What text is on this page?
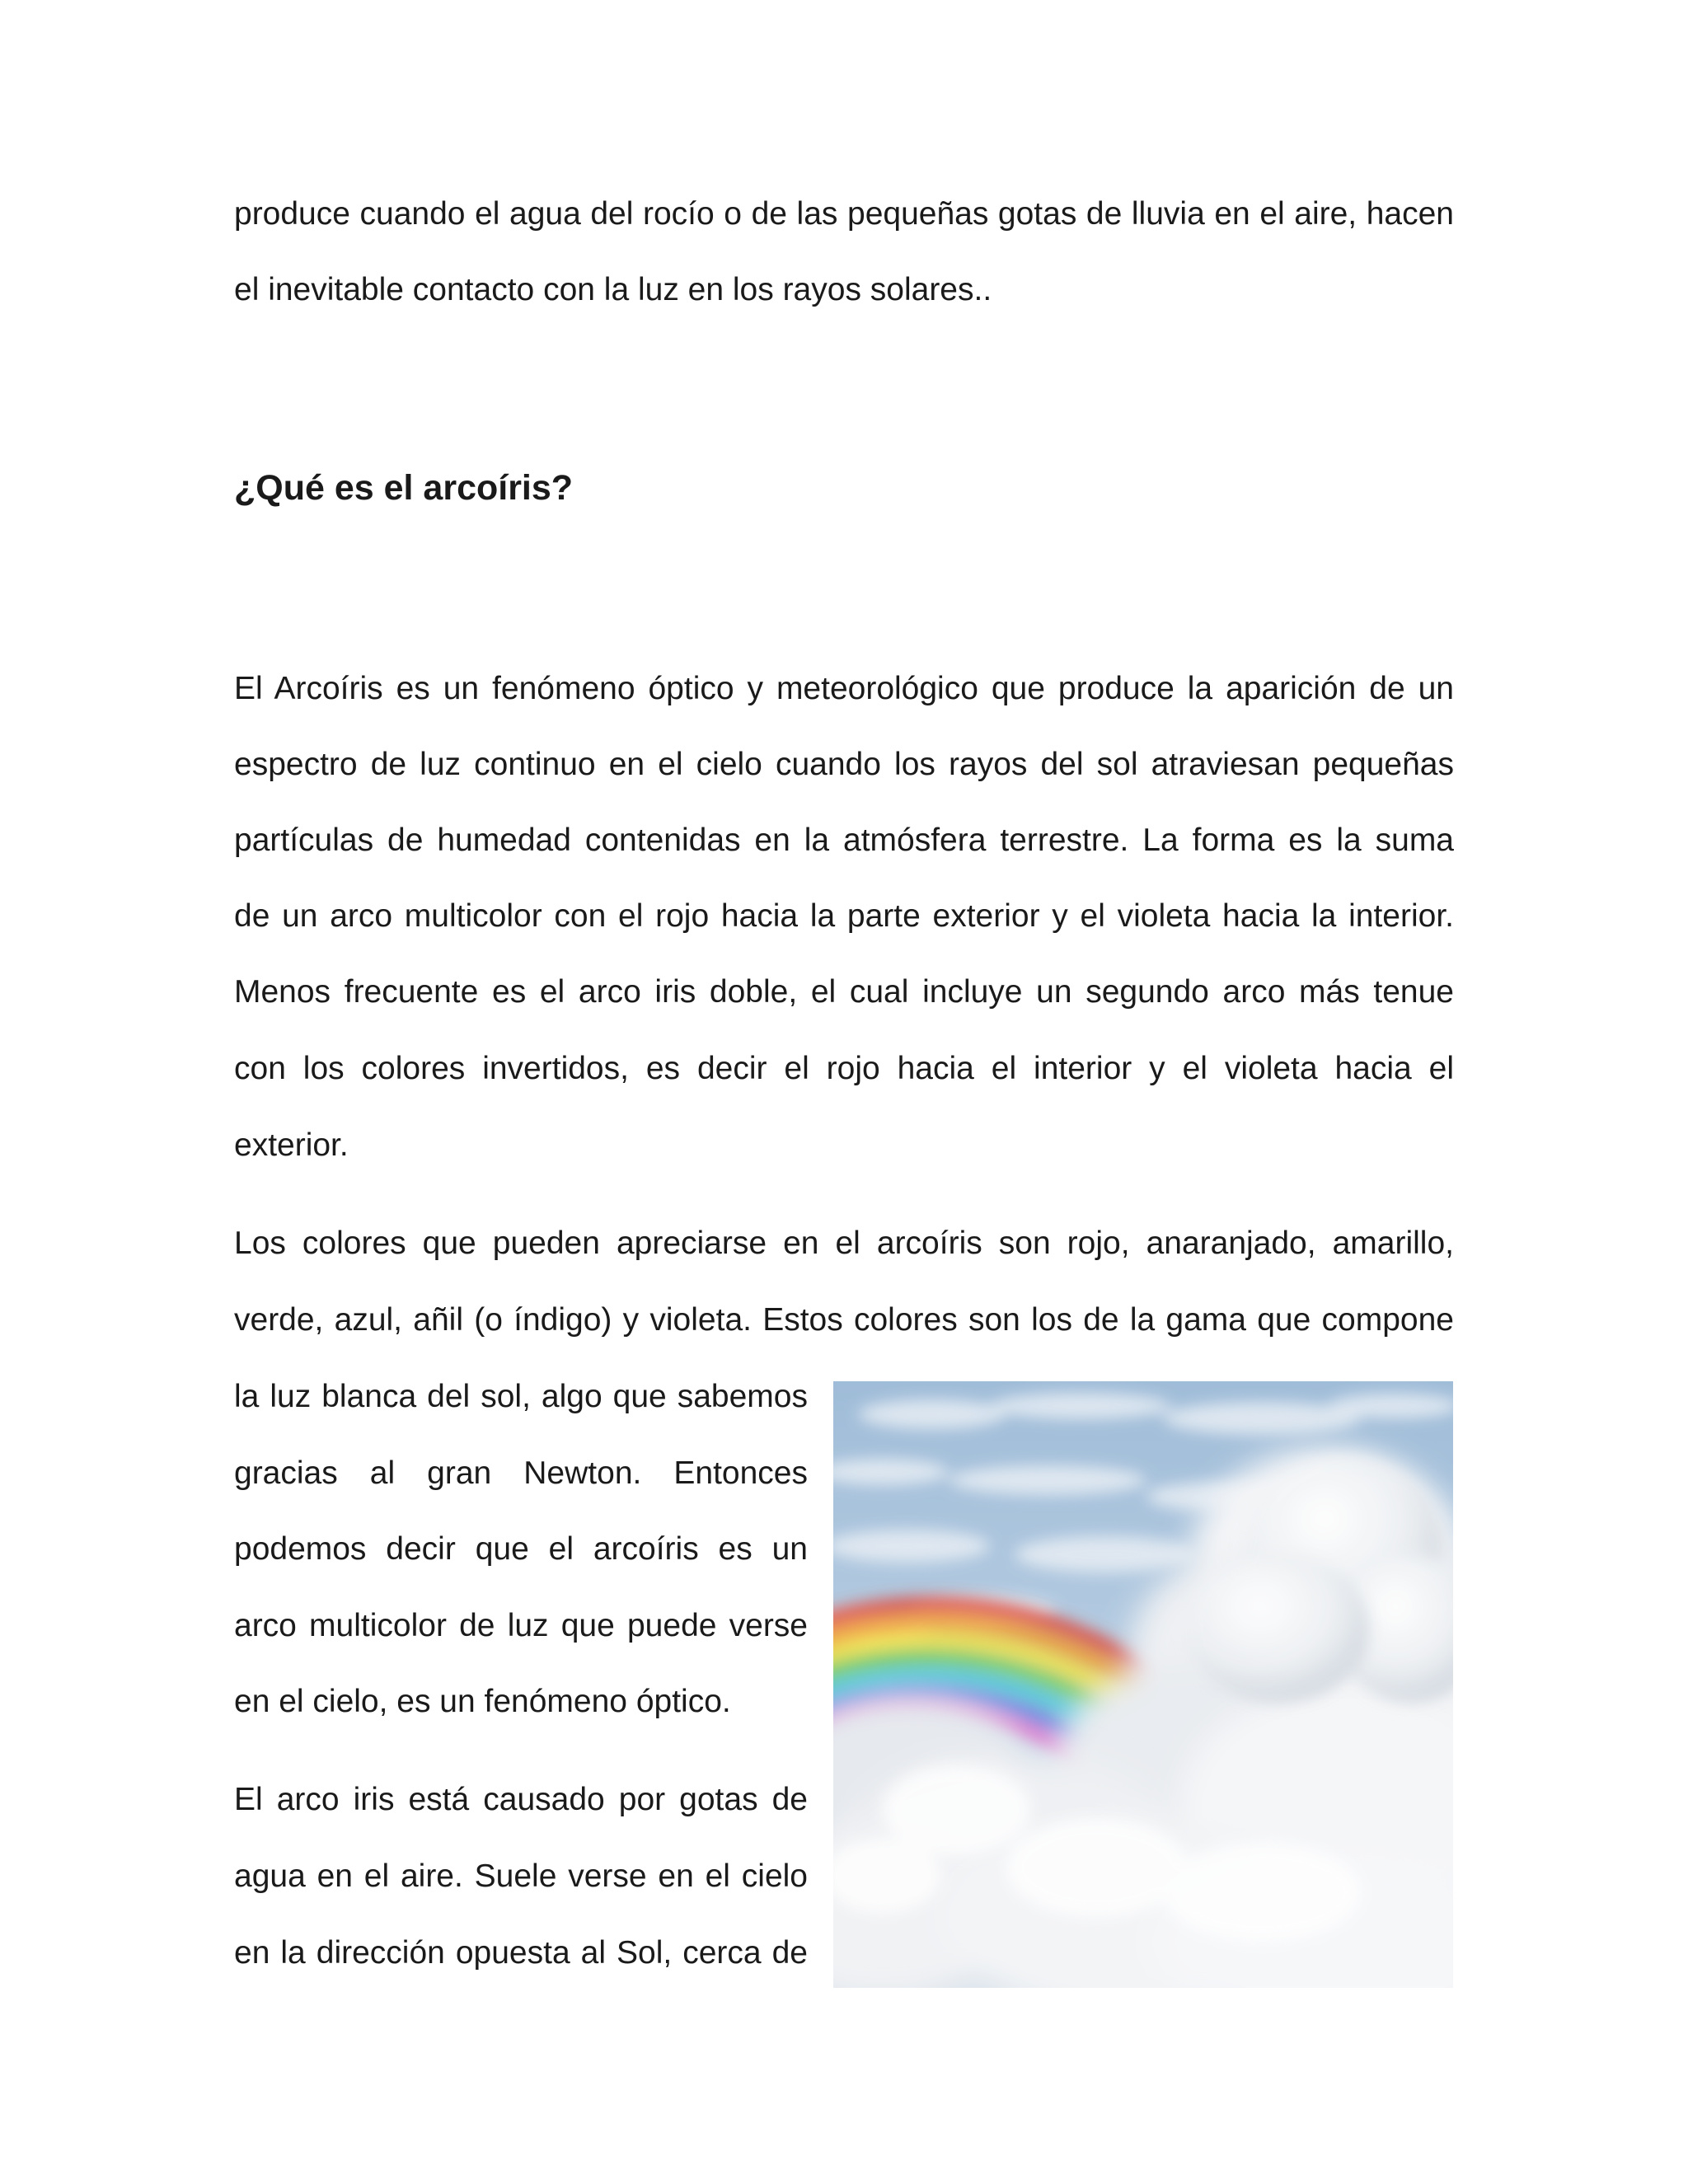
produce cuando el agua del rocío o de las pequeñas gotas de lluvia en el aire, hacen

el inevitable contacto con la luz en los rayos solares..

¿Qué es el arcoíris?

El Arcoíris es un fenómeno óptico y meteorológico que produce la aparición de un

espectro de luz continuo en el cielo cuando los rayos del sol atraviesan pequeñas

partículas de humedad contenidas en la atmósfera terrestre. La forma es la suma

de un arco multicolor con el rojo hacia la parte exterior y el violeta hacia la interior.

Menos frecuente es el arco iris doble, el cual incluye un segundo arco más tenue

con los colores invertidos, es decir el rojo hacia el interior y el violeta hacia el

exterior.

Los colores que pueden apreciarse en el arcoíris son rojo, anaranjado, amarillo,

verde, azul, añil (o índigo) y violeta. Estos colores son los de la gama que compone

la luz blanca del sol, algo que sabemos

gracias al gran Newton. Entonces

podemos decir que el arcoíris es un

arco multicolor de luz que puede verse

en el cielo, es un fenómeno óptico.

El arco iris está causado por gotas de

agua en el aire. Suele verse en el cielo

en la dirección opuesta al Sol, cerca de
